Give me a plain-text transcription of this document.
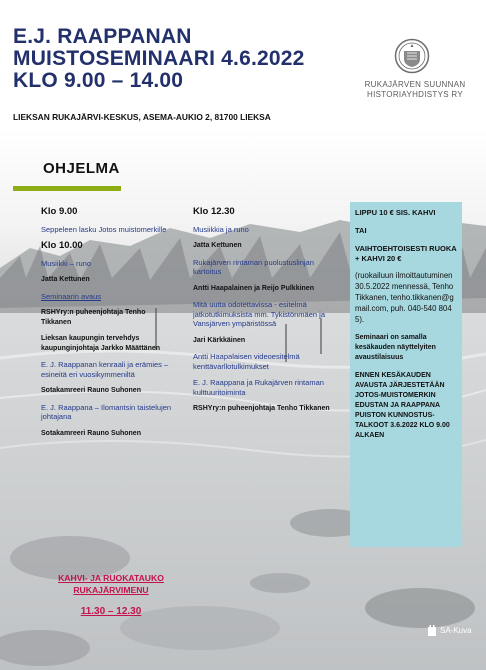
E.J. RAAPPANAN
MUISTOSEMINAARI 4.6.2022
KLO 9.00 – 14.00	RUKAJÄRVEN SUUNNAN
HISTORIAYHDISTYS RY
LIEKSAN RUKAJÄRVI-KESKUS, ASEMA-AUKIO 2, 81700 LIEKSA
OHJELMA
Klo 9.00
Seppeleen lasku Jotos muistomerkille
Klo 10.00
Musiikki – runo
Jatta Kettunen
Seminaarin avaus
RSHYry:n puheenjohtaja Tenho Tikkanen
Lieksan kaupungin tervehdys kaupunginjohtaja Jarkko Määttänen
E. J. Raappanan kenraali ja erämies – esineitä eri vuosikymmeniltä
Sotakamreeri Rauno Suhonen
E. J. Raappana – Ilomantsin taistelujen johtajana
Sotakamreeri Rauno Suhonen
Klo 12.30
Musiikkia ja runo
Jatta Kettunen
Rukajärven rintaman puolustuslinjan kartoitus
Antti Haapalainen ja Reijo Pulkkinen
Mitä uutta odotettavissa - esitelmä jatkotutkimuksista mm. Tykistönmäen ja Vansjärven ympäristössä
Jari Kärkkäinen
Antti Haapalaisen videoesitelmä kenttävarllotulkimukset
E. J. Raappana ja Rukajärven rintaman kulttuuritoiminta
RSHYry:n puheenjohtaja Tenho Tikkanen

LIPPU 10 € SIS. KAHVI

TAI

VAIHTOEHTOISESTI RUOKA + KAHVI 20 €

(ruokailuun ilmoittautuminen 30.5.2022 mennessä, Tenho Tikkanen, tenho.tikkanen@gmail.com, puh. 040-540 8045).

Seminaari on samalla kesäkauden näyttelyiten avaustilaisuus

ENNEN KESÄKAUDEN AVAUSTA JÄRJESTETÄÄN JOTOS-MUISTOMERKIN EDUSTAN JA RAAPPANA PUISTON KUNNOSTUS-TALKOOT 3.6.2022 KLO 9.00 ALKAEN

KAHVI- JA RUOKATAUKO
RUKAJÄRVIMENU
11.30 – 12.30
SA-Kuva
